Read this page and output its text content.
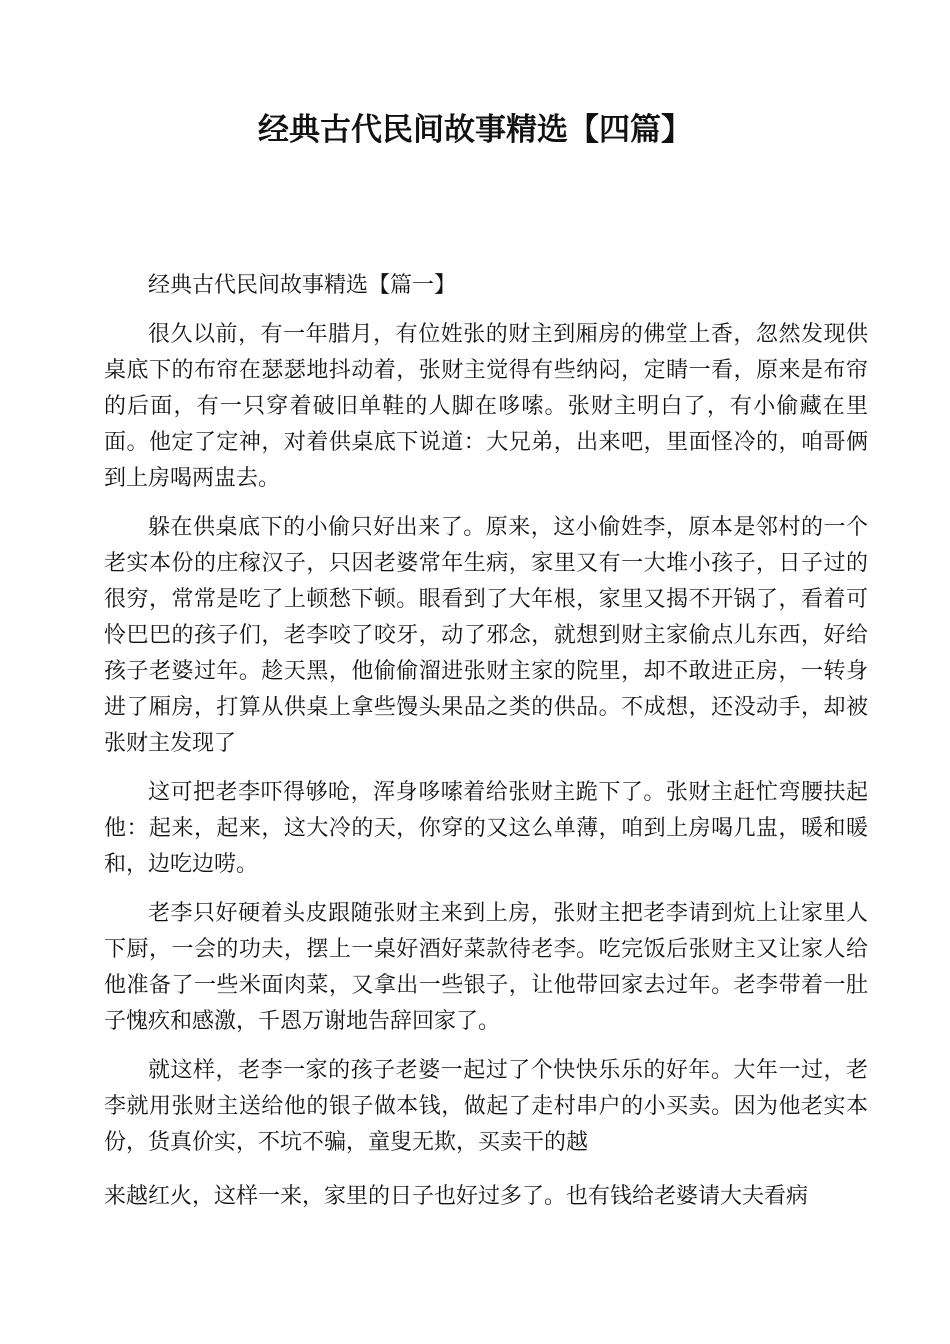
经典古代民间故事精选【四篇】

经典古代民间故事精选【篇一】

很久以前，有一年腊月，有位姓张的财主到厢房的佛堂上香，忽然发现供桌底下的布帘在瑟瑟地抖动着，张财主觉得有些纳闷，定睛一看，原来是布帘的后面，有一只穿着破旧单鞋的人脚在哆嗦。张财主明白了，有小偷藏在里面。他定了定神，对着供桌底下说道：大兄弟，出来吧，里面怪冷的，咱哥俩到上房喝两盅去。

躲在供桌底下的小偷只好出来了。原来，这小偷姓李，原本是邻村的一个老实本份的庄稼汉子，只因老婆常年生病，家里又有一大堆小孩子，日子过的很穷，常常是吃了上顿愁下顿。眼看到了大年根，家里又揭不开锅了，看着可怜巴巴的孩子们，老李咬了咬牙，动了邪念，就想到财主家偷点儿东西，好给孩子老婆过年。趁天黑，他偷偷溜进张财主家的院里，却不敢进正房，一转身进了厢房，打算从供桌上拿些馒头果品之类的供品。不成想，还没动手，却被张财主发现了

这可把老李吓得够呛，浑身哆嗦着给张财主跪下了。张财主赶忙弯腰扶起他：起来，起来，这大冷的天，你穿的又这么单薄，咱到上房喝几盅，暖和暖和，边吃边唠。

老李只好硬着头皮跟随张财主来到上房，张财主把老李请到炕上让家里人下厨，一会的功夫，摆上一桌好酒好菜款待老李。吃完饭后张财主又让家人给他准备了一些米面肉菜，又拿出一些银子，让他带回家去过年。老李带着一肚子愧疚和感激，千恩万谢地告辞回家了。

就这样，老李一家的孩子老婆一起过了个快快乐乐的好年。大年一过，老李就用张财主送给他的银子做本钱，做起了走村串户的小买卖。因为他老实本份，货真价实，不坑不骗，童叟无欺，买卖干的越

来越红火，这样一来，家里的日子也好过多了。也有钱给老婆请大夫看病
